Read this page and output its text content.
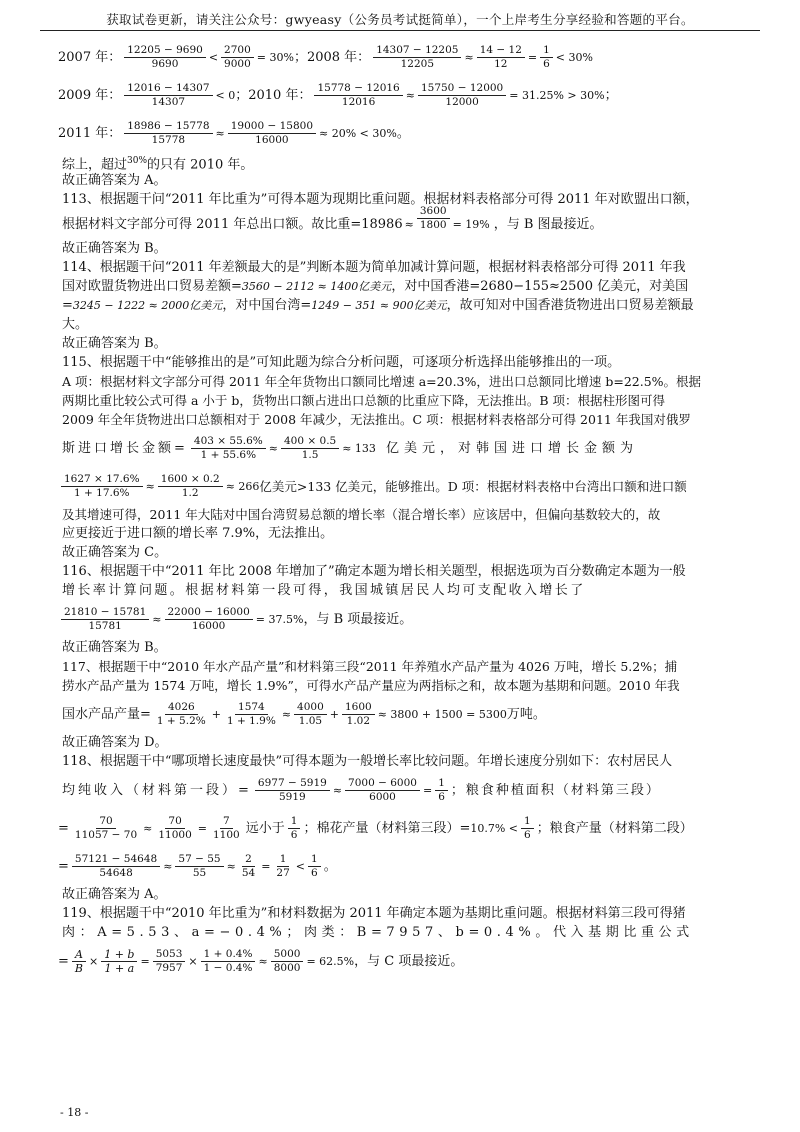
获取试卷更新，请关注公众号：gwyeasy（公务员考试挺简单），一个上岸考生分享经验和答题的平台。
2007 年： $\frac{12205 - 9690}{9690} < \frac{2700}{9000} = 30\%$ ； 2008 年： $\frac{14307 - 12205}{12205} \approx \frac{14 - 12}{12} = \frac{1}{6} < 30\%$
2009 年： $\frac{12016 - 14307}{14307} < 0$ ； 2010 年： $\frac{15778 - 12016}{12016} \approx \frac{15750 - 12000}{12000} = 31.25\% > 30\%$ ；
2011 年： $\frac{18986 - 15778}{15778} \approx \frac{19000 - 15800}{16000} \approx 20\% < 30\%$ 。
综上，超过$^{30\%}$的只有 2010 年。
故正确答案为 A。
113、根据题干问“2011 年比重为”可得本题为现期比重问题。根据材料表格部分可得 2011 年对欧盟出口额，
根据材料文字部分可得 2011 年总出口额。故比重$=18986 \approx \frac{3600}{1800} = 19\%$ ，与 B 图最接近。
故正确答案为 B。
114、根据题干问“2011 年差额最大的是”判断本题为简单加减计算问题，根据材料表格部分可得 2011 年我
国对欧盟货物进出口贸易差额=3560 − 2112 ≈ 1400亿美元，对中国香港=2680−155≈2500 亿美元，对美国
=3245 − 1222 ≈ 2000亿美元，对中国台湾=1249 − 351 ≈ 900亿美元，故可知对中国香港货物进出口贸易差额最
大。
故正确答案为 B。
115、根据题干中“能够推出的是”可知此题为综合分析问题，可逐项分析选择出能够推出的一项。
A 项：根据材料文字部分可得 2011 年全年货物出口额同比增速 a=20.3%，进出口总额同比增速 b=22.5%。根据
两期比重比较公式可得 a 小于 b，货物出口额占进出口总额的比重应下降，无法推出。B 项：根据柱形图可得
2009 年全年货物进出口总额相对于 2008 年减少，无法推出。C 项：根据材料表格部分可得 2011 年我国对俄罗
斯进口增长金额= $\frac{403 \times 55.6\%}{1 + 55.6\%} \approx \frac{400 \times 0.5}{1.5} \approx 133$ 亿美元，对韩国进口增长金额为
$\frac{1627 \times 17.6\%}{1 + 17.6\%} \approx \frac{1600 \times 0.2}{1.2} \approx 266$ 亿美元>133 亿美元，能够推出。D 项：根据材料表格中台湾出口额和进口额
及其增速可得，2011 年大陆对中国台湾贸易总额的增长率（混合增长率）应该居中，但偏向基数较大的，故
应更接近于进口额的增长率 7.9%，无法推出。
故正确答案为 C。
116、根据题干中“2011 年比 2008 年增加了”确定本题为增长相关题型，根据选项为百分数确定本题为一般
增长率计算问题。根据材料第一段可得，我国城镇居民人均可支配收入增长了
$\frac{21810 - 15781}{15781} \approx \frac{22000 - 16000}{16000} = 37.5\%$ ，与 B 项最接近。
故正确答案为 B。
117、根据题干中“2010 年水产品产量”和材料第三段“2011 年养殖水产品产量为 4026 万吨，增长 5.2%；捕
捞水产品产量为 1574 万吨，增长 1.9%”，可得水产品产量应为两指标之和，故本题为基期和问题。2010 年我
国水产品产量= $\frac{4026}{1 + 5.2\%} + \frac{1574}{1 + 1.9\%} \approx \frac{4000}{1.05} + \frac{1600}{1.02} \approx 3800 + 1500 = 5300$ 万吨。
故正确答案为 D。
118、根据题干中“哪项增长速度最快”可得本题为一般增长率比较问题。年增长速度分别如下：农村居民人
均纯收入（材料第一段）= $\frac{6977 - 5919}{5919} \approx \frac{7000 - 6000}{6000} = \frac{1}{6}$ ；粮食种植面积（材料第三段）
= $\frac{70}{11057 - 70} \approx \frac{70}{11000} = \frac{7}{1100}$ 远小于 $\frac{1}{6}$ ；棉花产量（材料第三段）= $10.7\% < \frac{1}{6}$ ；粮食产量（材料第二段）
= $\frac{57121 - 54648}{54648} \approx \frac{57 - 55}{55} \approx \frac{2}{54} = \frac{1}{27} < \frac{1}{6}$ 。
故正确答案为 A。
119、根据题干中“2010 年比重为”和材料数据为 2011 年确定本题为基期比重问题。根据材料第三段可得猪
肉：A=5.53、a=−0.4%；肉类：B=7957、b=0.4%。代入基期比重公式
= $\frac{A}{B} \times \frac{1 + b}{1 + a} = \frac{5053}{7957} \times \frac{1 + 0.4\%}{1 - 0.4\%} \approx \frac{5000}{8000} = 62.5\%$ ，与 C 项最接近。
- 18 -
